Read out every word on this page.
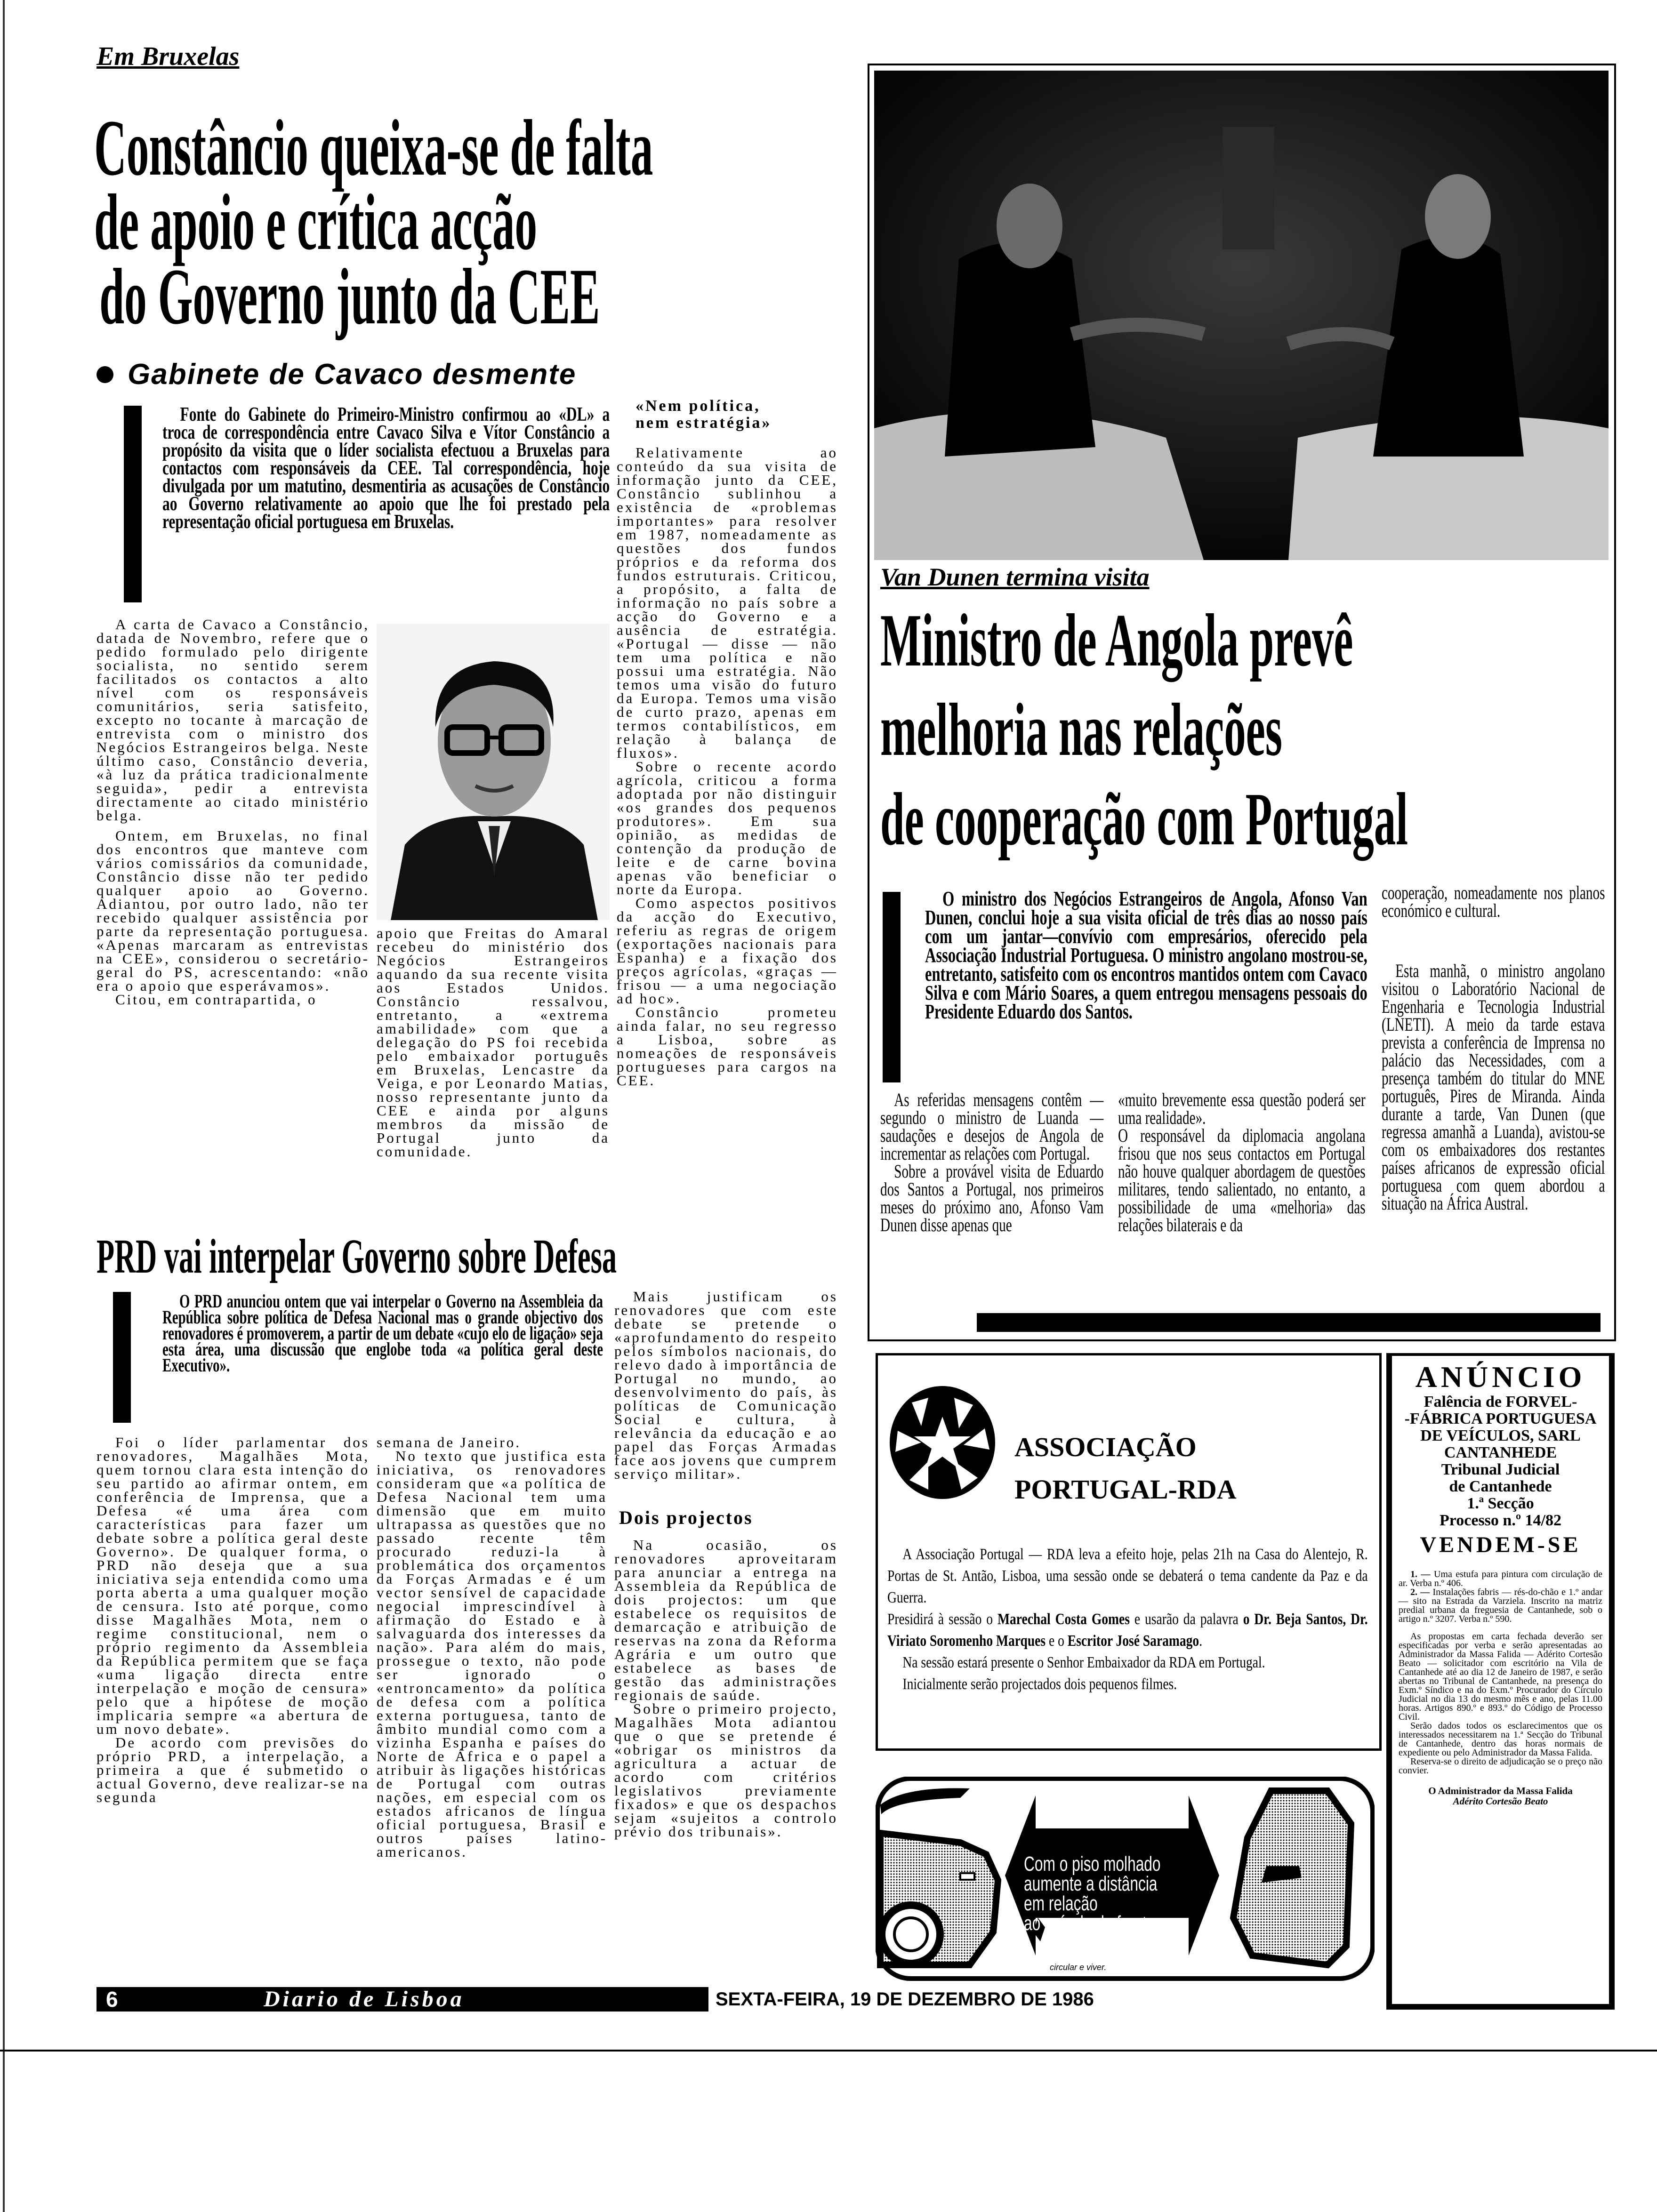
Em Bruxelas
Constâncio queixa-se de falta
de apoio e crítica acção
do Governo junto da CEE
Gabinete de Cavaco desmente

Fonte do Gabinete do Primeiro-Ministro confirmou ao «DL» a troca de correspondência entre Cavaco Silva e Vítor Constâncio a propósito da visita que o líder socialista efectuou a Bruxelas para contactos com responsáveis da CEE. Tal correspondência, hoje divulgada por um matutino, desmentiria as acusações de Constâncio ao Governo relativamente ao apoio que lhe foi prestado pela representação oficial portuguesa em Bruxelas.

A carta de Cavaco a Constâncio, datada de Novembro, refere que o pedido formulado pelo dirigente socialista, no sentido serem facilitados os contactos a alto nível com os responsáveis comunitários, seria satisfeito, excepto no tocante à marcação de entrevista com o ministro dos Negócios Estrangeiros belga. Neste último caso, Constâncio deveria, «à luz da prática tradicionalmente seguida», pedir a entrevista directamente ao citado ministério belga.

Ontem, em Bruxelas, no final dos encontros que manteve com vários comissários da comunidade, Constâncio disse não ter pedido qualquer apoio ao Governo. Adiantou, por outro lado, não ter recebido qualquer assistência por parte da representação portuguesa. «Apenas marcaram as entrevistas na CEE», considerou o secretário-geral do PS, acrescentando: «não era o apoio que esperávamos».

Citou, em contrapartida, o

apoio que Freitas do Amaral recebeu do ministério dos Negócios Estrangeiros aquando da sua recente visita aos Estados Unidos. Constâncio ressalvou, entretanto, a «extrema amabilidade» com que a delegação do PS foi recebida pelo embaixador português em Bruxelas, Lencastre da Veiga, e por Leonardo Matias, nosso representante junto da CEE e ainda por alguns membros da missão de Portugal junto da comunidade.

«Nem política, nem estratégia»

Relativamente ao conteúdo da sua visita de informação junto da CEE, Constâncio sublinhou a existência de «problemas importantes» para resolver em 1987, nomeadamente as questões dos fundos próprios e da reforma dos fundos estruturais. Criticou, a propósito, a falta de informação no país sobre a acção do Governo e a ausência de estratégia. «Portugal — disse — não tem uma política e não possui uma estratégia. Não temos uma visão do futuro da Europa. Temos uma visão de curto prazo, apenas em termos contabilísticos, em relação à balança de fluxos».

Sobre o recente acordo agrícola, criticou a forma adoptada por não distinguir «os grandes dos pequenos produtores». Em sua opinião, as medidas de contenção da produção de leite e de carne bovina apenas vão beneficiar o norte da Europa.

Como aspectos positivos da acção do Executivo, referiu as regras de origem (exportações nacionais para Espanha) e a fixação dos preços agrícolas, «graças — frisou — a uma negociação ad hoc».

Constâncio prometeu ainda falar, no seu regresso a Lisboa, sobre as nomeações de responsáveis portugueses para cargos na CEE.

Van Dunen termina visita
Ministro de Angola prevê
melhoria nas relações
de cooperação com Portugal

O ministro dos Negócios Estrangeiros de Angola, Afonso Van Dunen, conclui hoje a sua visita oficial de três dias ao nosso país com um jantar—convívio com empresários, oferecido pela Associação Industrial Portuguesa. O ministro angolano mostrou-se, entretanto, satisfeito com os encontros mantidos ontem com Cavaco Silva e com Mário Soares, a quem entregou mensagens pessoais do Presidente Eduardo dos Santos.

As referidas mensagens contêm — segundo o ministro de Luanda — saudações e desejos de Angola de incrementar as relações com Portugal.

Sobre a provável visita de Eduardo dos Santos a Portugal, nos primeiros meses do próximo ano, Afonso Vam Dunen disse apenas que

«muito brevemente essa questão poderá ser uma realidade».

O responsável da diplomacia angolana frisou que nos seus contactos em Portugal não houve qualquer abordagem de questões militares, tendo salientado, no entanto, a possibilidade de uma «melhoria» das relações bilaterais e da

cooperação, nomeadamente nos planos económico e cultural.

Esta manhã, o ministro angolano visitou o Laboratório Nacional de Engenharia e Tecnologia Industrial (LNETI). A meio da tarde estava prevista a conferência de Imprensa no palácio das Necessidades, com a presença também do titular do MNE português, Pires de Miranda. Ainda durante a tarde, Van Dunen (que regressa amanhã a Luanda), avistou-se com os embaixadores dos restantes países africanos de expressão oficial portuguesa com quem abordou a situação na África Austral.

PRD vai interpelar Governo sobre Defesa

O PRD anunciou ontem que vai interpelar o Governo na Assembleia da República sobre política de Defesa Nacional mas o grande objectivo dos renovadores é promoverem, a partir de um debate «cujo elo de ligação» seja esta área, uma discussão que englobe toda «a política geral deste Executivo».

Foi o líder parlamentar dos renovadores, Magalhães Mota, quem tornou clara esta intenção do seu partido ao afirmar ontem, em conferência de Imprensa, que a Defesa «é uma área com características para fazer um debate sobre a política geral deste Governo». De qualquer forma, o PRD não deseja que a sua iniciativa seja entendida como uma porta aberta a uma qualquer moção de censura. Isto até porque, como disse Magalhães Mota, nem o regime constitucional, nem o próprio regimento da Assembleia da República permitem que se faça «uma ligação directa entre interpelação e moção de censura» pelo que a hipótese de moção implicaria sempre «a abertura de um novo debate».

De acordo com previsões do próprio PRD, a interpelação, a primeira a que é submetido o actual Governo, deve realizar-se na segunda

semana de Janeiro.

No texto que justifica esta iniciativa, os renovadores consideram que «a política de Defesa Nacional tem uma dimensão que em muito ultrapassa as questões que no passado recente têm procurado reduzi-la à problemática dos orçamentos da Forças Armadas e é um vector sensível de capacidade negocial imprescindível à afirmação do Estado e à salvaguarda dos interesses da nação». Para além do mais, prossegue o texto, não pode ser ignorado o «entroncamento» da política de defesa com a política externa portuguesa, tanto de âmbito mundial como com a vizinha Espanha e países do Norte de África e o papel a atribuir às ligações históricas de Portugal com outras nações, em especial com os estados africanos de língua oficial portuguesa, Brasil e outros países latino-americanos.

Mais justificam os renovadores que com este debate se pretende o «aprofundamento do respeito pelos símbolos nacionais, do relevo dado à importância de Portugal no mundo, ao desenvolvimento do país, às políticas de Comunicação Social e cultura, à relevância da educação e ao papel das Forças Armadas face aos jovens que cumprem serviço militar».

Dois projectos

Na ocasião, os renovadores aproveitaram para anunciar a entrega na Assembleia da República de dois projectos: um que estabelece os requisitos de demarcação e atribuição de reservas na zona da Reforma Agrária e um outro que estabelece as bases de gestão das administrações regionais de saúde.

Sobre o primeiro projecto, Magalhães Mota adiantou que o que se pretende é «obrigar os ministros da agricultura a actuar de acordo com critérios legislativos previamente fixados» e que os despachos sejam «sujeitos a controlo prévio dos tribunais».

ASSOCIAÇÃO
PORTUGAL-RDA

A Associação Portugal — RDA leva a efeito hoje, pelas 21h na Casa do Alentejo, R. Portas de St. Antão, Lisboa, uma sessão onde se debaterá o tema candente da Paz e da Guerra.

Presidirá à sessão o Marechal Costa Gomes e usarão da palavra o Dr. Beja Santos, Dr. Viriato Soromenho Marques e o Escritor José Saramago.

Na sessão estará presente o Senhor Embaixador da RDA em Portugal.

Inicialmente serão projectados dois pequenos filmes.

ANÚNCIO
Falência de FORVEL-
-FÁBRICA PORTUGUESA
DE VEÍCULOS, SARL
CANTANHEDE
Tribunal Judicial
de Cantanhede
1.ª Secção
Processo n.º 14/82
VENDEM-SE

1. — Uma estufa para pintura com circulação de ar. Verba n.º 406.

2. — Instalações fabris — rés-do-chão e 1.º andar — sito na Estrada da Varziela. Inscrito na matriz predial urbana da freguesia de Cantanhede, sob o artigo n.º 3207. Verba n.º 590.

As propostas em carta fechada deverão ser especificadas por verba e serão apresentadas ao Administrador da Massa Falida — Adérito Cortesão Beato — solicitador com escritório na Vila de Cantanhede até ao dia 12 de Janeiro de 1987, e serão abertas no Tribunal de Cantanhede, na presença do Exm.º Síndico e na do Exm.º Procurador do Círculo Judicial no dia 13 do mesmo mês e ano, pelas 11.00 horas. Artigos 890.º e 893.º do Código de Processo Civil.

Serão dados todos os esclarecimentos que os interessados necessitarem na 1.ª Secção do Tribunal de Cantanhede, dentro das horas normais de expediente ou pelo Administrador da Massa Falida.

Reserva-se o direito de adjudicação se o preço não convier.

O Administrador da Massa Falida
Adérito Cortesão Beato
Com o piso molhado
aumente a distância
em relação
ao veículo da frente.
circular e viver.
6	Diario de Lisboa	SEXTA-FEIRA, 19 DE DEZEMBRO DE 1986
